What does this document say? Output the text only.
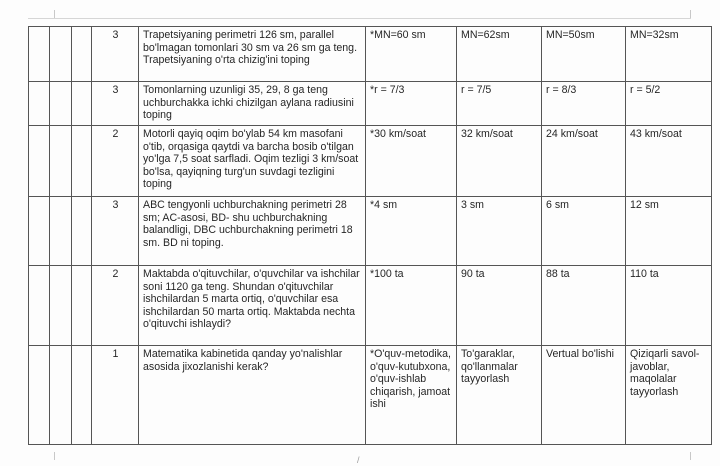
			3	Trapetsiyaning perimetri 126 sm, parallel bo'lmagan tomonlari 30 sm va 26 sm ga teng. Trapetsiyaning o'rta chizig'ini toping	*MN=60 sm	MN=62sm	MN=50sm	MN=32sm
			3	Tomonlarning uzunligi 35, 29, 8 ga teng uchburchakka ichki chizilgan aylana radiusini toping	*r = 7/3	r = 7/5	r = 8/3	r = 5/2
			2	Motorli qayiq oqim bo'ylab 54 km masofani o'tib, orqasiga qaytdi va barcha bosib o'tilgan yo'lga 7,5 soat sarfladi. Oqim tezligi 3 km/soat bo'lsa, qayiqning turg'un suvdagi tezligini toping	*30 km/soat	32 km/soat	24 km/soat	43 km/soat
			3	ABC tengyonli uchburchakning perimetri 28 sm; AC-asosi, BD- shu uchburchakning balandligi, DBC uchburchakning perimetri 18 sm. BD ni toping.	*4 sm	3 sm	6 sm	12 sm
			2	Maktabda o'qituvchilar, o'quvchilar va ishchilar soni 1120 ga teng. Shundan o'qituvchilar ishchilardan 5 marta ortiq, o'quvchilar esa ishchilardan 50 marta ortiq. Maktabda nechta o'qituvchi ishlaydi?	*100 ta	90 ta	88 ta	110 ta
			1	Matematika kabinetida qanday yo'nalishlar asosida jixozlanishi kerak?	*O'quv-metodika, o'quv-kutubxona, o'quv-ishlab chiqarish, jamoat ishi	To'garaklar, qo'llanmalar tayyorlash	Vertual bo'lishi	Qiziqarli savol-javoblar, maqolalar tayyorlash
/
